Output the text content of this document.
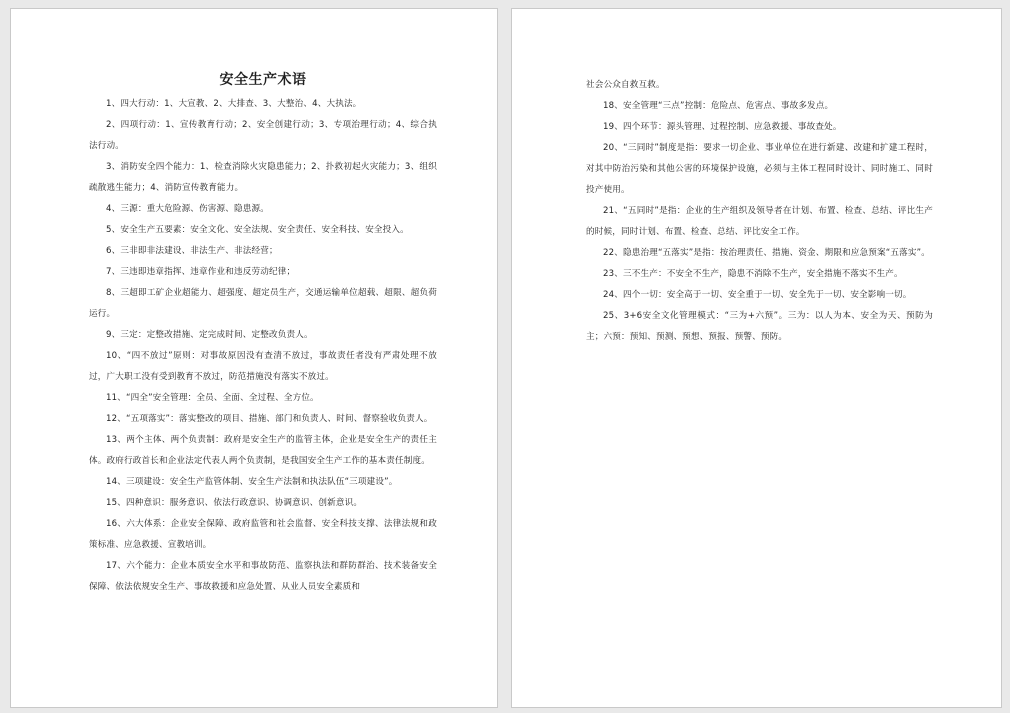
安全生产术语

1、四大行动：1、大宣教、2、大排查、3、大整治、4、大执法。

2、四项行动：1、宣传教育行动；2、安全创建行动；3、专项治理行动；4、综合执法行动。

3、消防安全四个能力：1、检查消除火灾隐患能力；2、扑救初起火灾能力；3、组织疏散逃生能力；4、消防宣传教育能力。

4、三源：重大危险源、伤害源、隐患源。

5、安全生产五要素：安全文化、安全法规、安全责任、安全科技、安全投入。

6、三非即非法建设、非法生产、非法经营；

7、三违即违章指挥、违章作业和违反劳动纪律；

8、三超即工矿企业超能力、超强度、超定员生产，交通运输单位超载、超限、超负荷运行。

9、三定：定整改措施、定完成时间、定整改负责人。

10、“四不放过”原则：对事故原因没有查清不放过，事故责任者没有严肃处理不放过，广大职工没有受到教育不放过，防范措施没有落实不放过。

11、“四全”安全管理：全员、全面、全过程、全方位。

12、“五项落实”：落实整改的项目、措施、部门和负责人、时间、督察验收负责人。

13、两个主体、两个负责制：政府是安全生产的监管主体，企业是安全生产的责任主体。政府行政首长和企业法定代表人两个负责制，是我国安全生产工作的基本责任制度。

14、三项建设：安全生产监管体制、安全生产法制和执法队伍“三项建设”。

15、四种意识：服务意识、依法行政意识、协调意识、创新意识。

16、六大体系：企业安全保障、政府监管和社会监督、安全科技支撑、法律法规和政策标准、应急救援、宣教培训。

17、六个能力：企业本质安全水平和事故防范、监察执法和群防群治、技术装备安全保障、依法依规安全生产、事故救援和应急处置、从业人员安全素质和

社会公众自救互救。

18、安全管理“三点”控制：危险点、危害点、事故多发点。

19、四个环节：源头管理、过程控制、应急救援、事故查处。

20、“三同时”制度是指：要求一切企业、事业单位在进行新建、改建和扩建工程时，对其中防治污染和其他公害的环境保护设施，必须与主体工程同时设计、同时施工、同时投产使用。

21、“五同时”是指：企业的生产组织及领导者在计划、布置、检查、总结、评比生产的时候，同时计划、布置、检查、总结、评比安全工作。

22、隐患治理“五落实”是指：按治理责任、措施、资金、期限和应急预案“五落实”。

23、三不生产：不安全不生产，隐患不消除不生产，安全措施不落实不生产。

24、四个一切：安全高于一切、安全重于一切、安全先于一切、安全影响一切。

25、3+6安全文化管理模式：“三为+六预”。三为：以人为本、安全为天、预防为主；六预：预知、预测、预想、预报、预警、预防。
